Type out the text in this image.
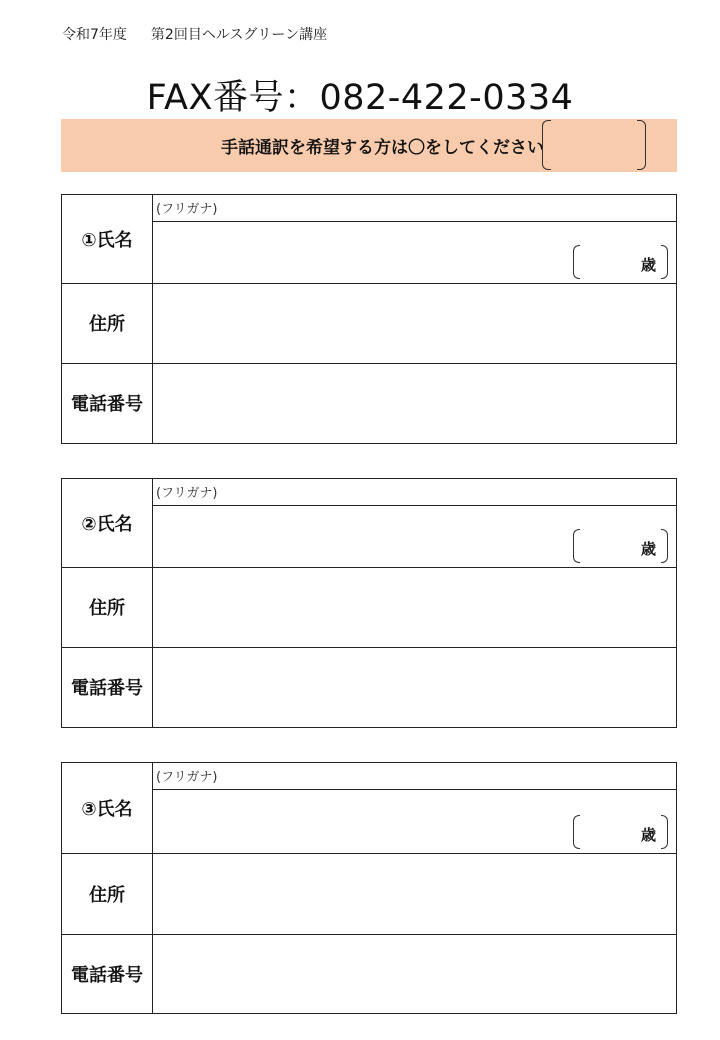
令和7年度 第2回目ヘルスグリーン講座
FAX番号：082-422-0334
手話通訳を希望する方は〇をしてください
①氏名
(フリガナ)
歳
住所
電話番号
②氏名
(フリガナ)
歳
住所
電話番号
③氏名
(フリガナ)
歳
住所
電話番号
